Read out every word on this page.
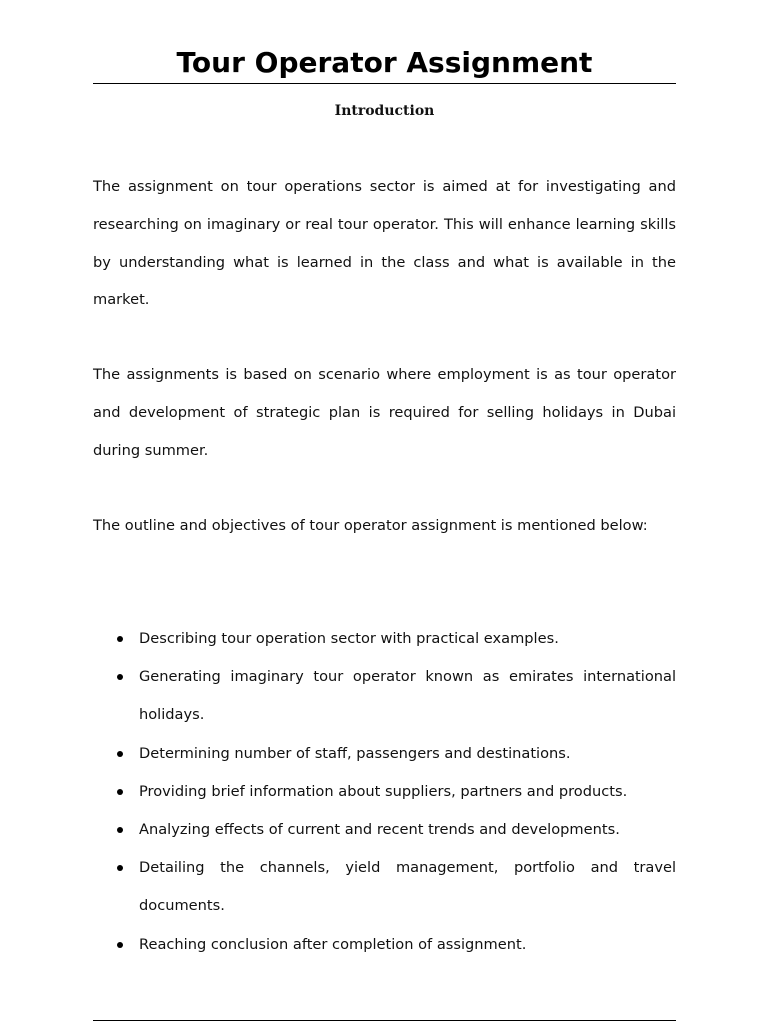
Tour Operator Assignment
Introduction

The assignment on tour operations sector is aimed at for investigating and researching on imaginary or real tour operator. This will enhance learning skills by understanding what is learned in the class and what is available in the market.

The assignments is based on scenario where employment is as tour operator and development of strategic plan is required for selling holidays in Dubai during summer.

The outline and objectives of tour operator assignment is mentioned below:

Describing tour operation sector with practical examples.
Generating imaginary tour operator known as emirates international holidays.
Determining number of staff, passengers and destinations.
Providing brief information about suppliers, partners and products.
Analyzing effects of current and recent trends and developments.
Detailing the channels, yield management, portfolio and travel documents.
Reaching conclusion after completion of assignment.
